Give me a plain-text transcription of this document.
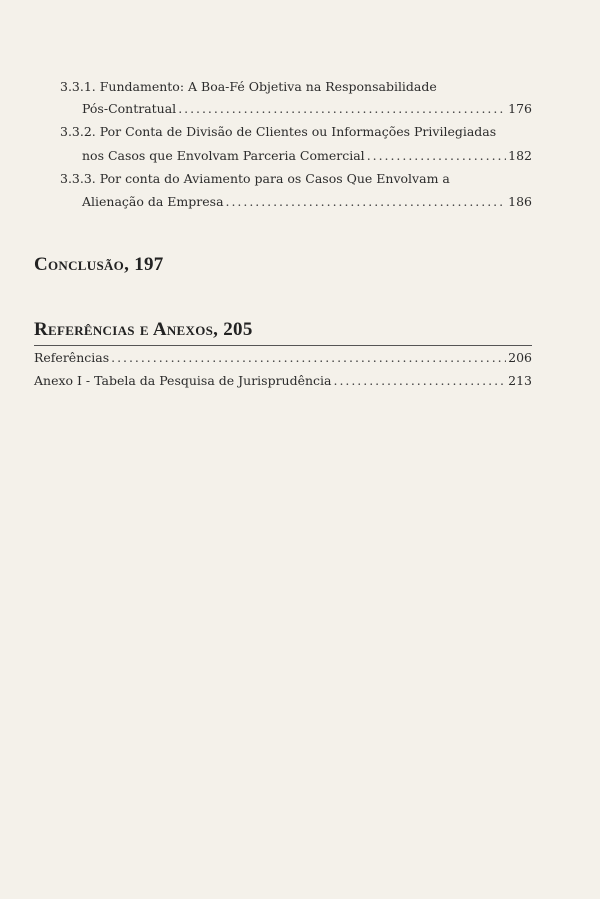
3.3.1. Fundamento: A Boa-Fé Objetiva na Responsabilidade
Pós-Contratual . . .	176
3.3.2. Por Conta de Divisão de Clientes ou Informações Privilegiadas
nos Casos que Envolvam Parceria Comercial . . .	182
3.3.3. Por conta do Aviamento para os Casos Que Envolvam a
Alienação da Empresa . . .	186
Conclusão, 197
Referências e Anexos, 205
Referências . . .	206
Anexo I - Tabela da Pesquisa de Jurisprudência . . .	213
